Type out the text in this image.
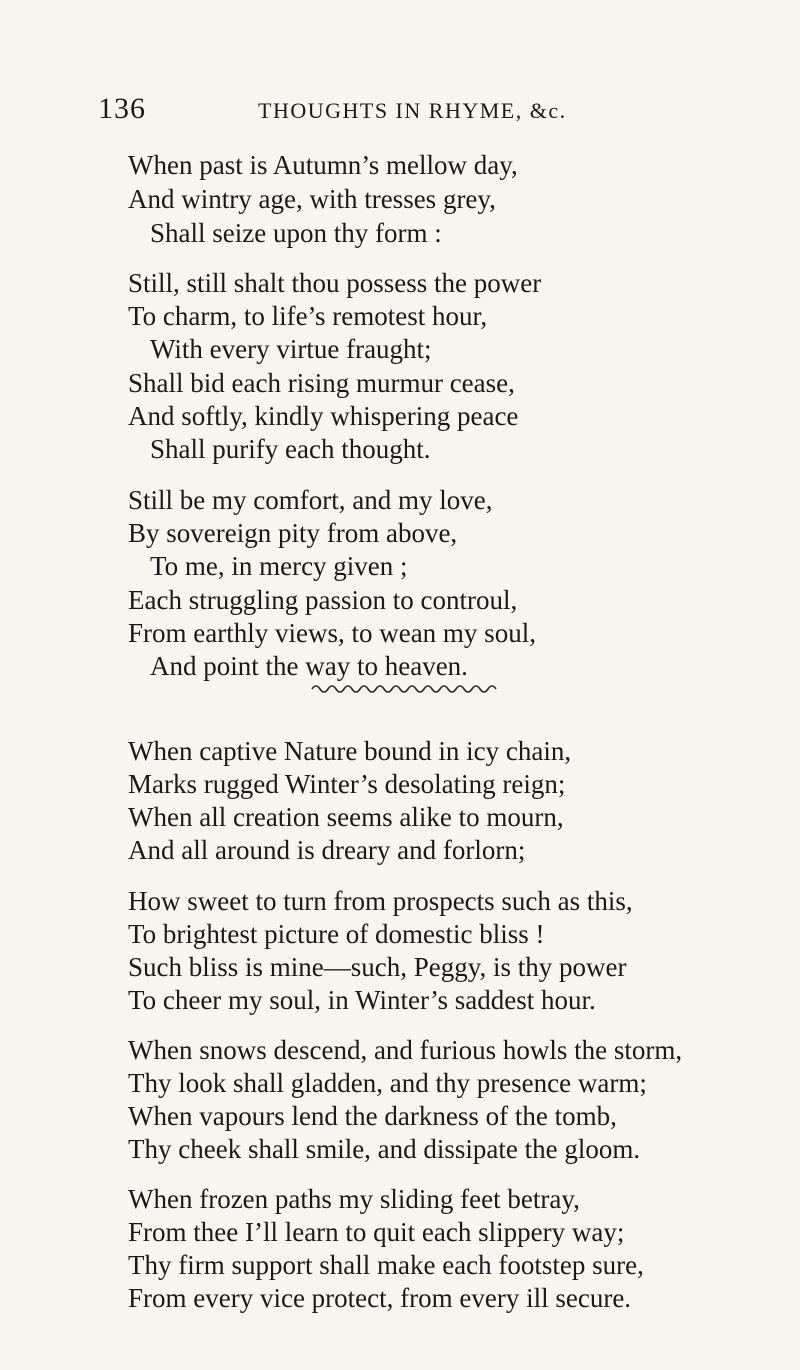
136	THOUGHTS IN RHYME, &c.
When past is Autumn’s mellow day,
And wintry age, with tresses grey,
Shall seize upon thy form :
Still, still shalt thou possess the power
To charm, to life’s remotest hour,
With every virtue fraught;
Shall bid each rising murmur cease,
And softly, kindly whispering peace
Shall purify each thought.
Still be my comfort, and my love,
By sovereign pity from above,
To me, in mercy given ;
Each struggling passion to controul,
From earthly views, to wean my soul,
And point the way to heaven.
When captive Nature bound in icy chain,
Marks rugged Winter’s desolating reign;
When all creation seems alike to mourn,
And all around is dreary and forlorn;
How sweet to turn from prospects such as this,
To brightest picture of domestic bliss !
Such bliss is mine—such, Peggy, is thy power
To cheer my soul, in Winter’s saddest hour.
When snows descend, and furious howls the storm,
Thy look shall gladden, and thy presence warm;
When vapours lend the darkness of the tomb,
Thy cheek shall smile, and dissipate the gloom.
When frozen paths my sliding feet betray,
From thee I’ll learn to quit each slippery way;
Thy firm support shall make each footstep sure,
From every vice protect, from every ill secure.
